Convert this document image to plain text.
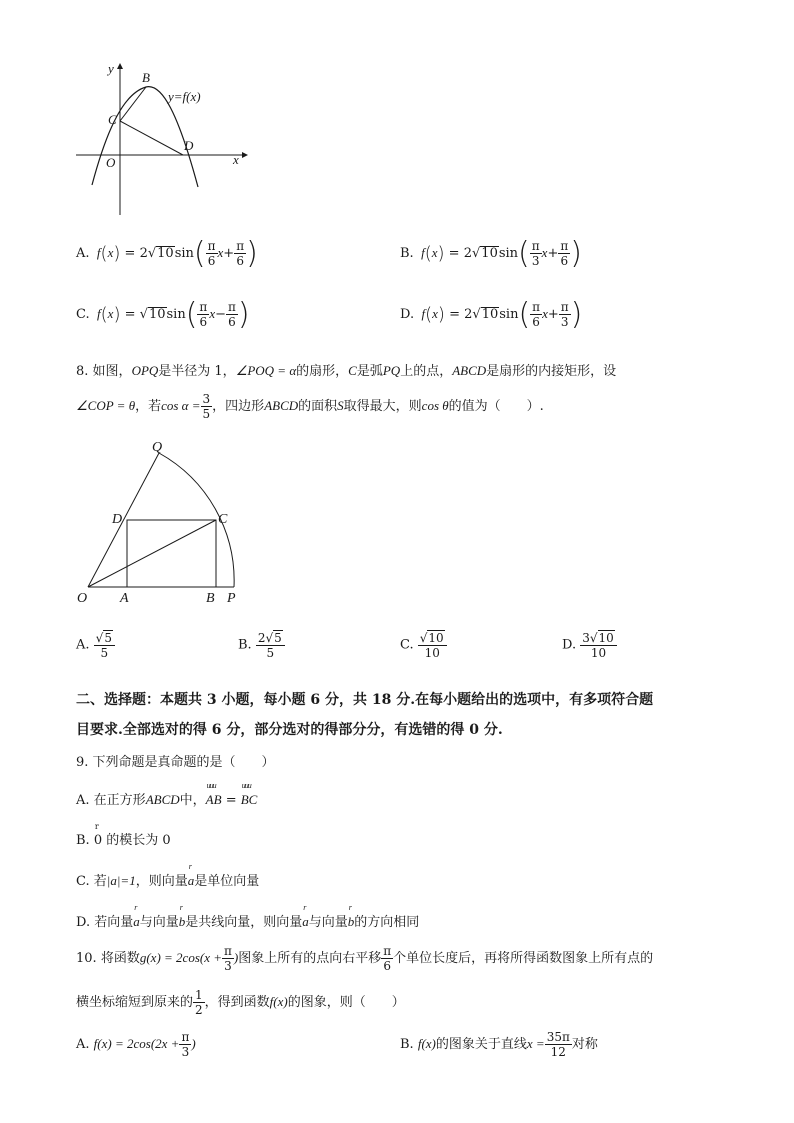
y
x
O
B
C
D
y=f(x)
A.  $f(x) = 2√10\sin( \frac{\pi}{6} x+ \frac{\pi}{6}$ )	B.  $f(x) = 2√10\sin( \frac{\pi}{3} x+ \frac{\pi}{6}$ )
C.  $f(x) = √10\sin( \frac{\pi}{6} x- \frac{\pi}{6}$ )	D.  $f(x) = 2√10\sin( \frac{\pi}{6} x+ \frac{\pi}{3}$ )
8. 如图，OPQ是半径为 1，∠POQ = α的扇形，C是弧PQ上的点，ABCD是扇形的内接矩形，设
∠COP = θ，若$\cos \alpha = \frac{3}{5}$ ，四边形ABCD的面积S取得最大，则cos θ的值为（　　）.
Q
D	C
O A	B P
A. $\frac{√5}{5}$	B. $\frac{2√5}{5}$	C. $\frac{√10}{10}$	D. $\frac{3√10}{10}$
二、选择题：本题共 3 小题，每小题 6 分，共 18 分.在每小题给出的选项中，有多项符合题
目要求.全部选对的得 6 分，部分选对的得部分分，有选错的得 0 分.
9. 下列命题是真命题的是（　　）
A. 在正方形ABCD中，
uuu
AB =
uuu
BC
B.
r
0 的模长为 0
C. 若|a|=1，则向量
r
a是单位向量
D. 若向量
r
a与向量
r
b是共线向量，则向量
r
a与向量
r
b的方向相同
10. 将函数$g(x) = 2\cos(x + \frac{\pi}{3}$ )图象上所有的点向右平移 $\frac{\pi}{6}$ 个单位长度后，再将所得函数图象上所有点的
横坐标缩短到原来的 $\frac{1}{2}$ ，得到函数f(x)的图象，则（　　）
A. $f(x) = 2\cos(2x + \frac{\pi}{3}$ )	B. f(x)的图象关于直线$x = \frac{35\pi}{12}$ 对称
